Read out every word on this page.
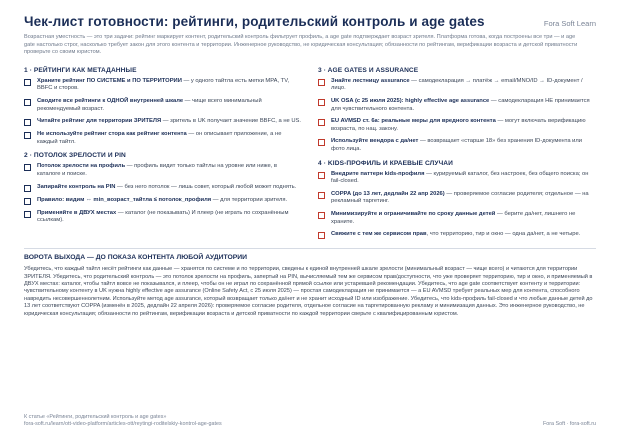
Чек-лист готовности: рейтинги, родительский контроль и age gates	Fora Soft Learn
Возрастная уместность — это три задачи: рейтинг маркирует контент, родительский контроль фильтрует профиль, а age gate подтверждает возраст зрителя. Платформа готова, когда построены все три — и age gate настолько строг, насколько требует закон для этого контента и территории. Инженерное руководство, не юридическая консультация; обязанности по рейтингам, верификации возраста и детской приватности проверьте со своим юристом.
1 · РЕЙТИНГИ КАК МЕТАДАННЫЕ
Храните рейтинг ПО СИСТЕМЕ и ПО ТЕРРИТОРИИ — у одного тайтла есть метки MPA, TV, BBFC и сторов.
Сводите все рейтинги к ОДНОЙ внутренней шкале — чище всего минимальный рекомендуемый возраст.
Читайте рейтинг для территории ЗРИТЕЛЯ — зритель в UK получает значение BBFC, а не US.
Не используйте рейтинг стора как рейтинг контента — он описывает приложение, а не каждый тайтл.
2 · ПОТОЛОК ЗРЕЛОСТИ И PIN
Потолок зрелости на профиль — профиль видит только тайтлы на уровне или ниже, в каталоге и поиске.
Запирайте контроль на PIN — без него потолок — лишь совет, который любой может поднять.
Правило: видим ⇔ min_возраст_тайтла ≤ потолок_профиля — для территории зрителя.
Применяйте в ДВУХ местах — каталог (не показывать) И плеер (не играть по сохранённым ссылкам).
3 · AGE GATES И ASSURANCE
Знайте лестницу assurance — самодекларация → платёж → email/MNO/ID → ID-документ / лицо.
UK OSA (с 25 июля 2025): highly effective age assurance — самодекларация НЕ принимается для чувствительного контента.
EU AVMSD ст. 6a: реальные меры для вредного контента — могут включать верификацию возраста, по нац. закону.
Используйте вендора с да/нет — возвращает «старше 18» без хранения ID-документа или фото лица.
4 · KIDS-ПРОФИЛЬ И КРАЕВЫЕ СЛУЧАИ
Внедрите паттерн kids-профиля — курируемый каталог, без настроек, без общего поиска; он fail-closed.
COPPA (до 13 лет, дедлайн 22 апр 2026) — проверяемое согласие родителя; отдельное — на рекламный таргетинг.
Минимизируйте и ограничивайте по сроку данные детей — берите да/нет, лишнего не храните.
Свяжите с тем же сервисом прав, что территорию, тир и окно — одна да/нет, а не четыре.
ВОРОТА ВЫХОДА — ДО ПОКАЗА КОНТЕНТА ЛЮБОЙ АУДИТОРИИ
Убедитесь, что каждый тайтл несёт рейтинги как данные — хранятся по системе и по территории, сведены к единой внутренней шкале зрелости (минимальный возраст — чище всего) и читаются для территории ЗРИТЕЛЯ. Убедитесь, что родительский контроль — это потолок зрелости на профиль, запертый на PIN, вычисляемый тем же сервисом прав/доступности, что уже проверяет территорию, тир и окно, и применяемый в ДВУХ местах: каталог, чтобы тайтл вовсе не показывался, и плеер, чтобы он не играл по сохранённой прямой ссылке или устаревшей рекомендации. Убедитесь, что age gate соответствует контенту и территории: чувствительному контенту в UK нужна highly effective age assurance (Online Safety Act, с 25 июля 2025) — простая самодекларация не принимается — а EU AVMSD требует реальных мер для контента, способного навредить несовершеннолетним. Используйте метод age assurance, который возвращает только да/нет и не хранит исходный ID или изображение. Убедитесь, что kids-профиль fail-closed и что любые данные детей до 13 лет соответствуют COPPA (изменён в 2025, дедлайн 22 апреля 2026): проверяемое согласие родителя, отдельное согласие на таргетированную рекламу и минимизация данных. Это инженерное руководство, не юридическая консультация; обязанности по рейтингам, верификации возраста и детской приватности по каждой территории сверьте с квалифицированным юристом.
К статье «Рейтинги, родительский контроль и age gates»
fora-soft.ru/learn/ott-video-platform/articles-ott/reytingi-roditelskiy-kontrol-age-gates	Fora Soft · fora-soft.ru
